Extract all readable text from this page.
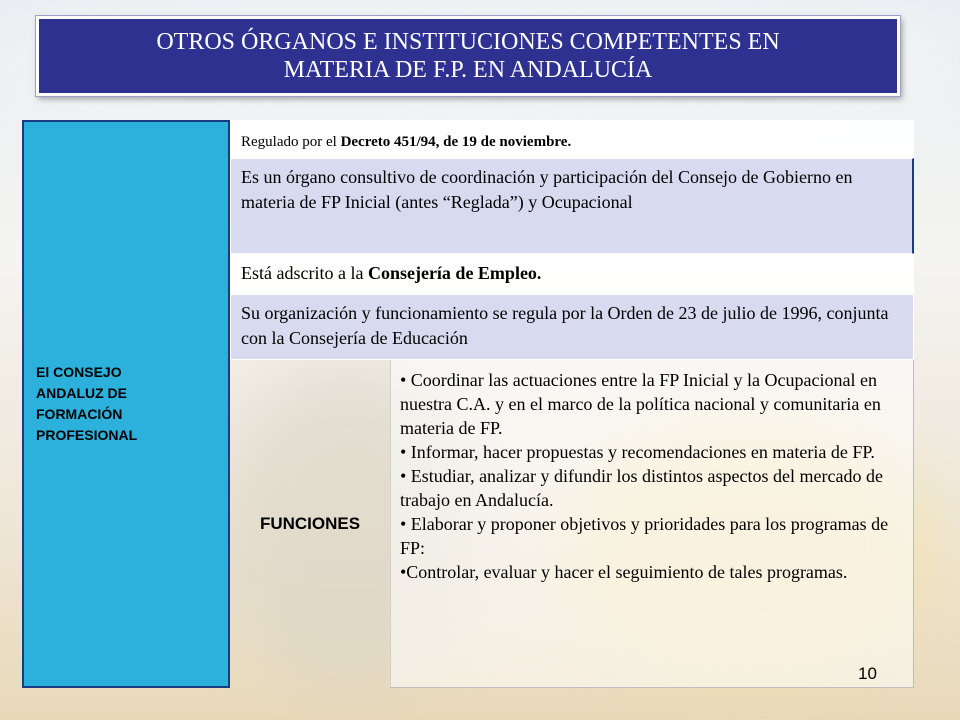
OTROS ÓRGANOS E INSTITUCIONES COMPETENTES EN
MATERIA DE F.P. EN ANDALUCÍA
El CONSEJO
ANDALUZ DE
FORMACIÓN
PROFESIONAL
Regulado por el Decreto 451/94, de 19 de noviembre.
Es un órgano consultivo de coordinación y participación del Consejo de Gobierno en materia de FP Inicial (antes “Reglada”) y Ocupacional
Está adscrito a la Consejería de Empleo.
Su organización y funcionamiento se regula por la Orden de 23 de julio de 1996, conjunta con la Consejería de Educación
FUNCIONES

• Coordinar las actuaciones entre la FP Inicial y la Ocupacional en nuestra C.A. y en el marco de la política nacional y comunitaria en materia de FP.

• Informar, hacer propuestas y recomendaciones en materia de FP.

• Estudiar, analizar y difundir los distintos aspectos del mercado de trabajo en Andalucía.

• Elaborar y proponer objetivos y prioridades para los programas de FP:

•Controlar, evaluar y hacer el seguimiento de tales programas.

10
